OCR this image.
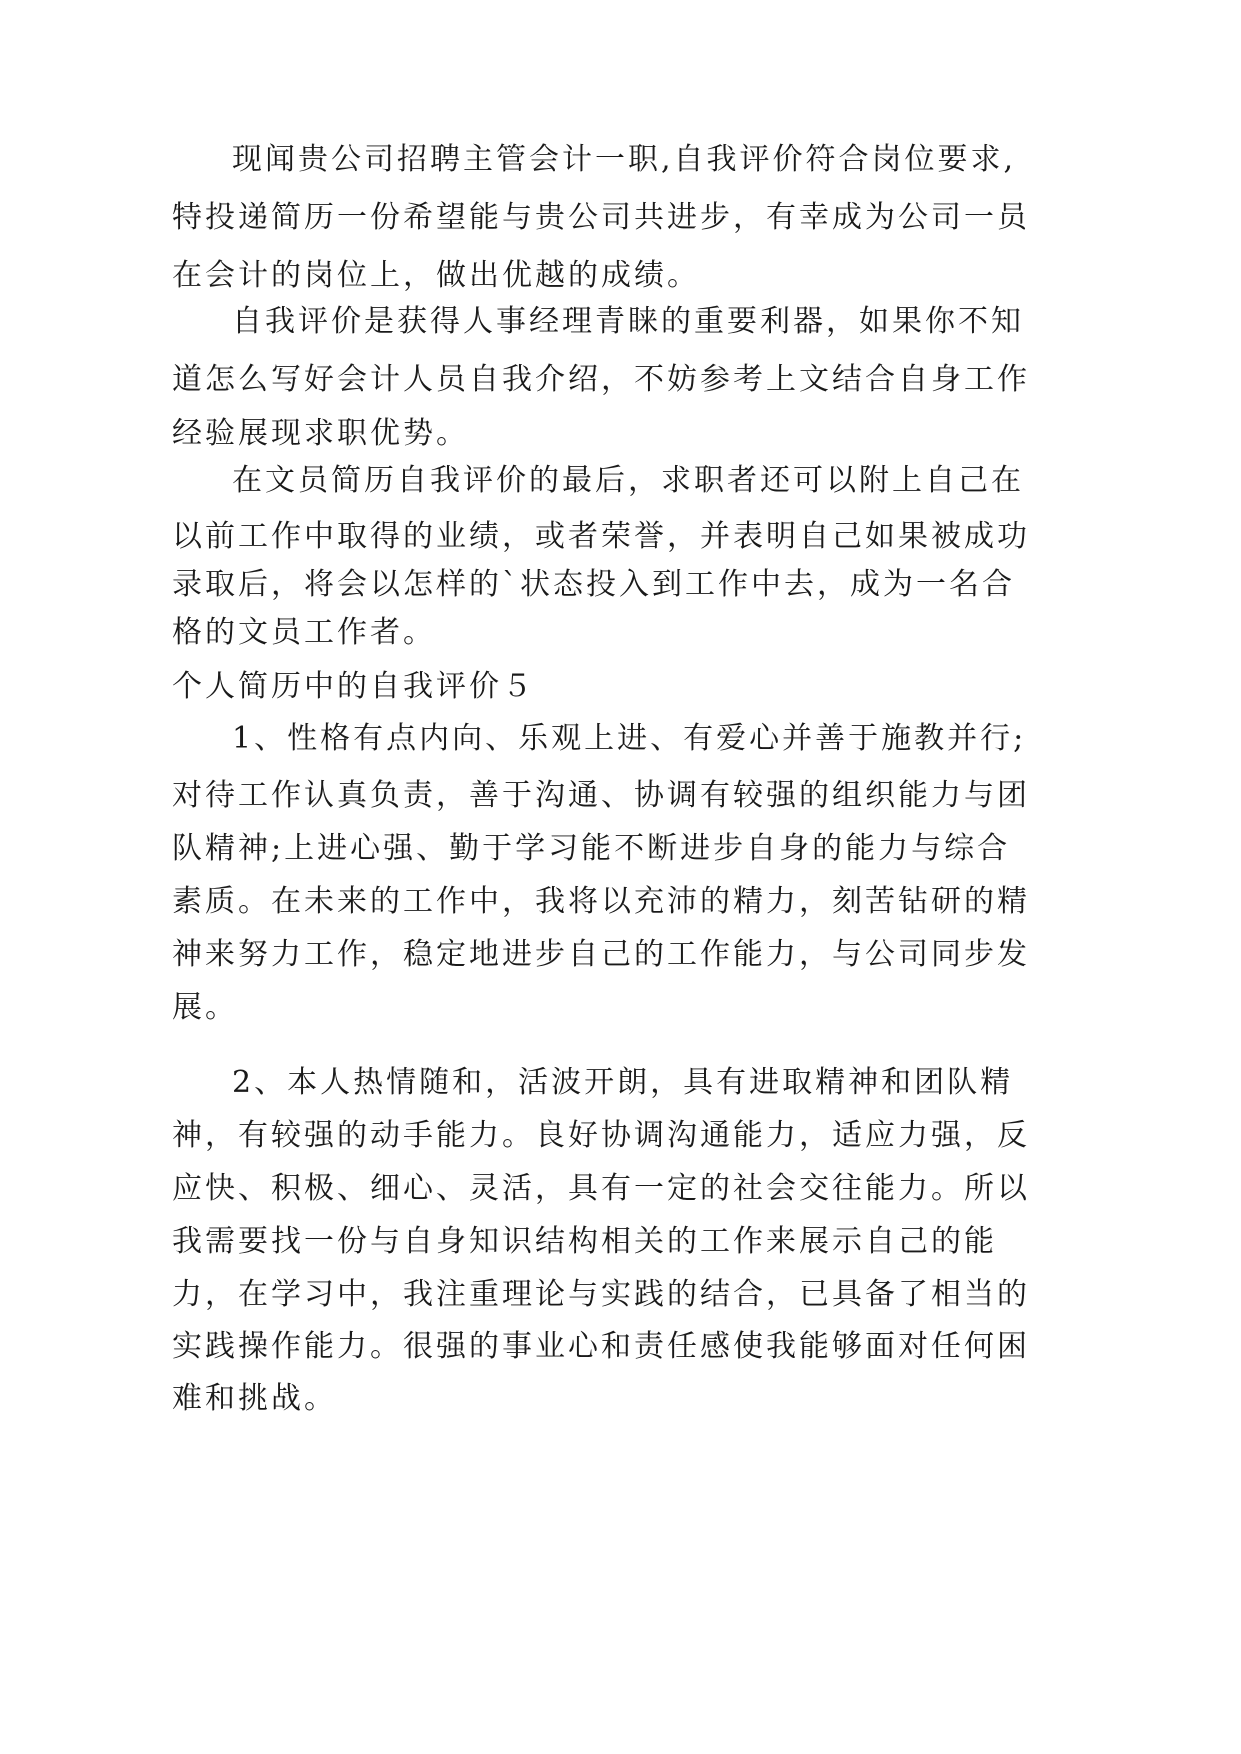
现闻贵公司招聘主管会计一职,自我评价符合岗位要求,
特投递简历一份希望能与贵公司共进步，有幸成为公司一员
在会计的岗位上，做出优越的成绩。
自我评价是获得人事经理青睐的重要利器，如果你不知
道怎么写好会计人员自我介绍，不妨参考上文结合自身工作
经验展现求职优势。
在文员简历自我评价的最后，求职者还可以附上自己在
以前工作中取得的业绩，或者荣誉，并表明自己如果被成功
录取后，将会以怎样的`状态投入到工作中去，成为一名合
格的文员工作者。
个人简历中的自我评价５
1、性格有点内向、乐观上进、有爱心并善于施教并行;
对待工作认真负责，善于沟通、协调有较强的组织能力与团
队精神;上进心强、勤于学习能不断进步自身的能力与综合
素质。在未来的工作中，我将以充沛的精力，刻苦钻研的精
神来努力工作，稳定地进步自己的工作能力，与公司同步发
展。
2、本人热情随和，活波开朗，具有进取精神和团队精
神，有较强的动手能力。良好协调沟通能力，适应力强，反
应快、积极、细心、灵活，具有一定的社会交往能力。所以
我需要找一份与自身知识结构相关的工作来展示自己的能
力，在学习中，我注重理论与实践的结合，已具备了相当的
实践操作能力。很强的事业心和责任感使我能够面对任何困
难和挑战。
